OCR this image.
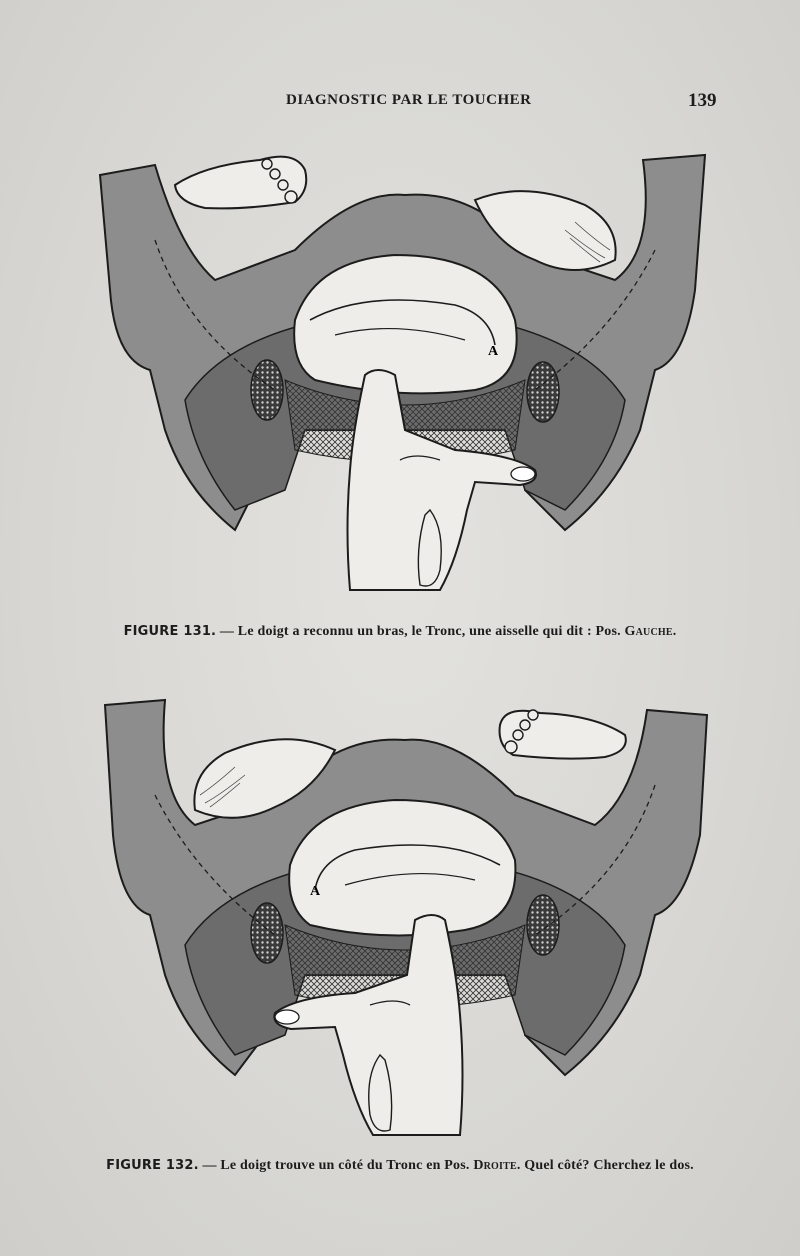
DIAGNOSTIC PAR LE TOUCHER	139
A
FIGURE 131. — Le doigt a reconnu un bras, le Tronc, une aisselle qui dit : Pos. Gauche.
A
FIGURE 132. — Le doigt trouve un côté du Tronc en Pos. Droite. Quel côté? Cherchez le dos.
